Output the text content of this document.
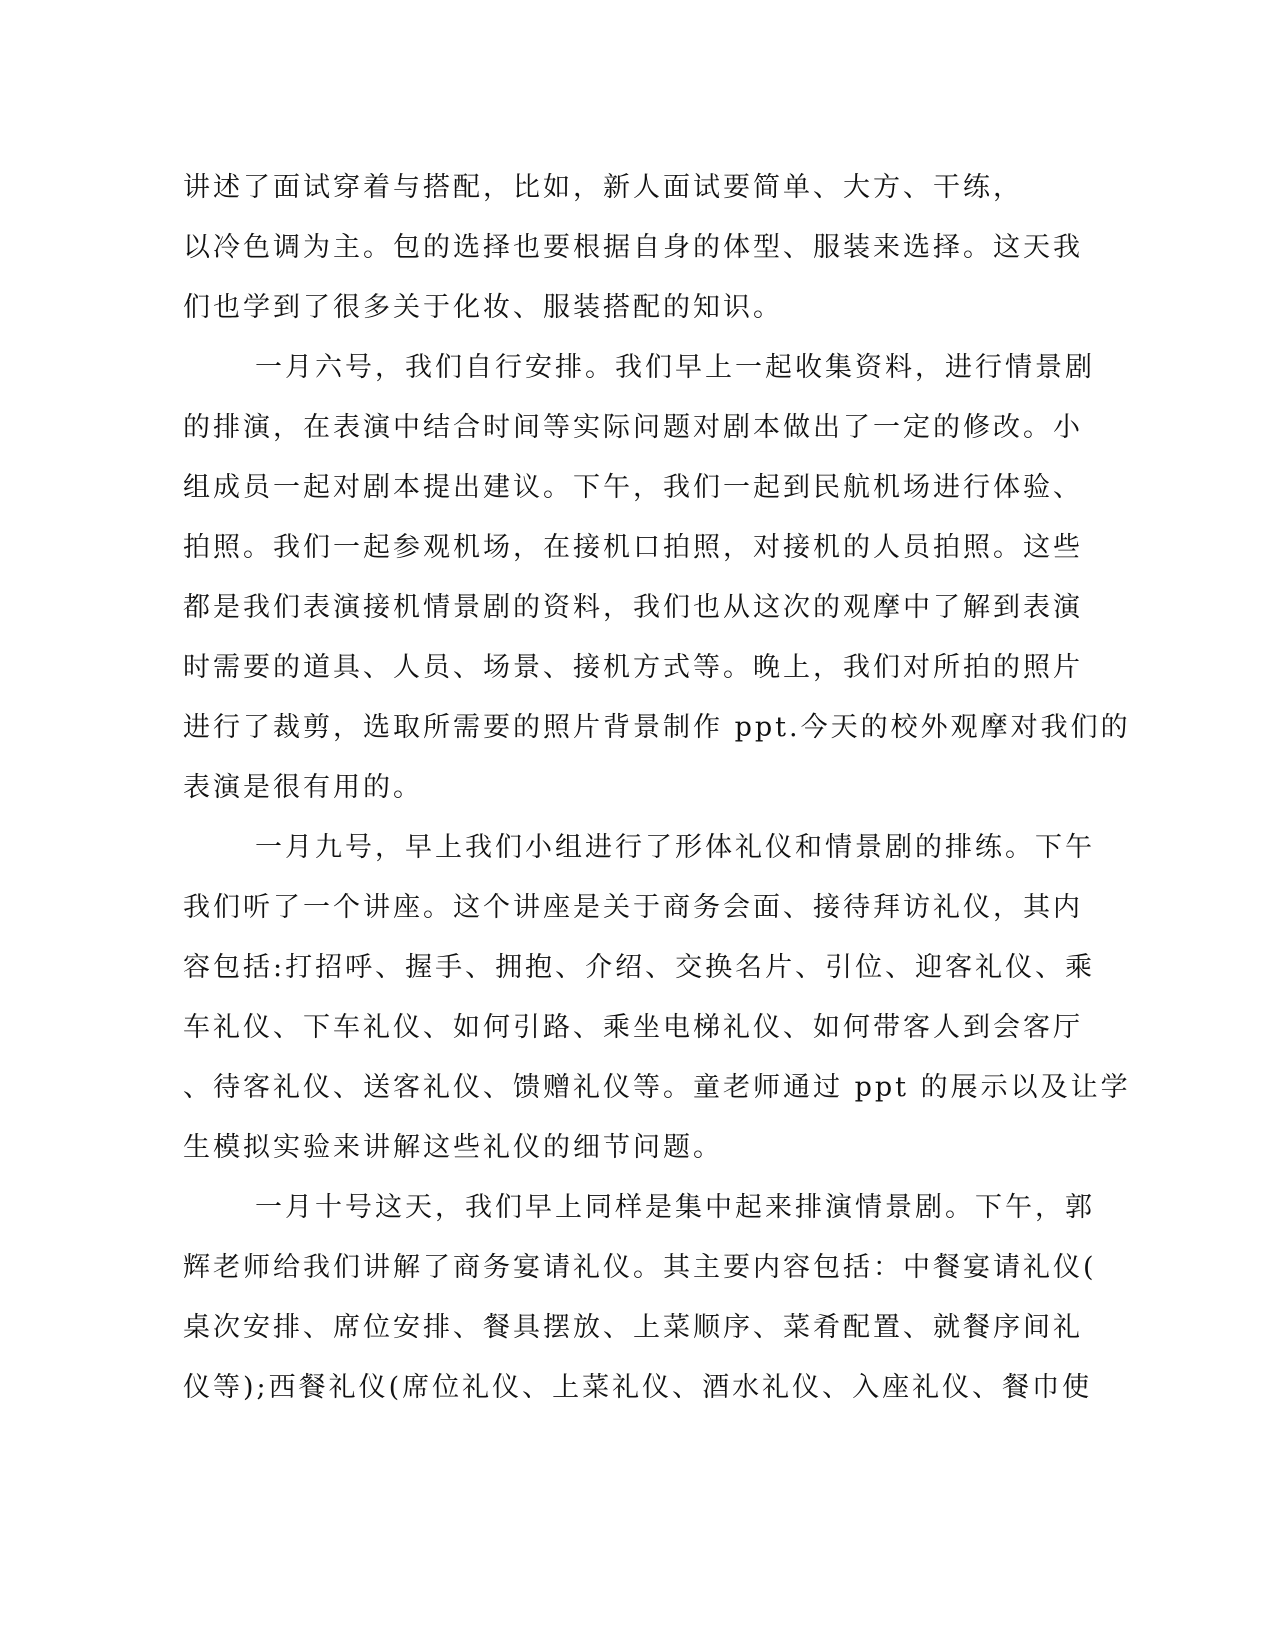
讲述了面试穿着与搭配，比如，新人面试要简单、大方、干练，
以冷色调为主。包的选择也要根据自身的体型、服装来选择。这天我
们也学到了很多关于化妆、服装搭配的知识。
一月六号，我们自行安排。我们早上一起收集资料，进行情景剧
的排演，在表演中结合时间等实际问题对剧本做出了一定的修改。小
组成员一起对剧本提出建议。下午，我们一起到民航机场进行体验、
拍照。我们一起参观机场，在接机口拍照，对接机的人员拍照。这些
都是我们表演接机情景剧的资料，我们也从这次的观摩中了解到表演
时需要的道具、人员、场景、接机方式等。晚上，我们对所拍的照片
进行了裁剪，选取所需要的照片背景制作 ppt.今天的校外观摩对我们的
表演是很有用的。
一月九号，早上我们小组进行了形体礼仪和情景剧的排练。下午
我们听了一个讲座。这个讲座是关于商务会面、接待拜访礼仪，其内
容包括:打招呼、握手、拥抱、介绍、交换名片、引位、迎客礼仪、乘
车礼仪、下车礼仪、如何引路、乘坐电梯礼仪、如何带客人到会客厅
、待客礼仪、送客礼仪、馈赠礼仪等。童老师通过 ppt 的展示以及让学
生模拟实验来讲解这些礼仪的细节问题。
一月十号这天，我们早上同样是集中起来排演情景剧。下午，郭
辉老师给我们讲解了商务宴请礼仪。其主要内容包括：中餐宴请礼仪(
桌次安排、席位安排、餐具摆放、上菜顺序、菜肴配置、就餐序间礼
仪等);西餐礼仪(席位礼仪、上菜礼仪、酒水礼仪、入座礼仪、餐巾使
